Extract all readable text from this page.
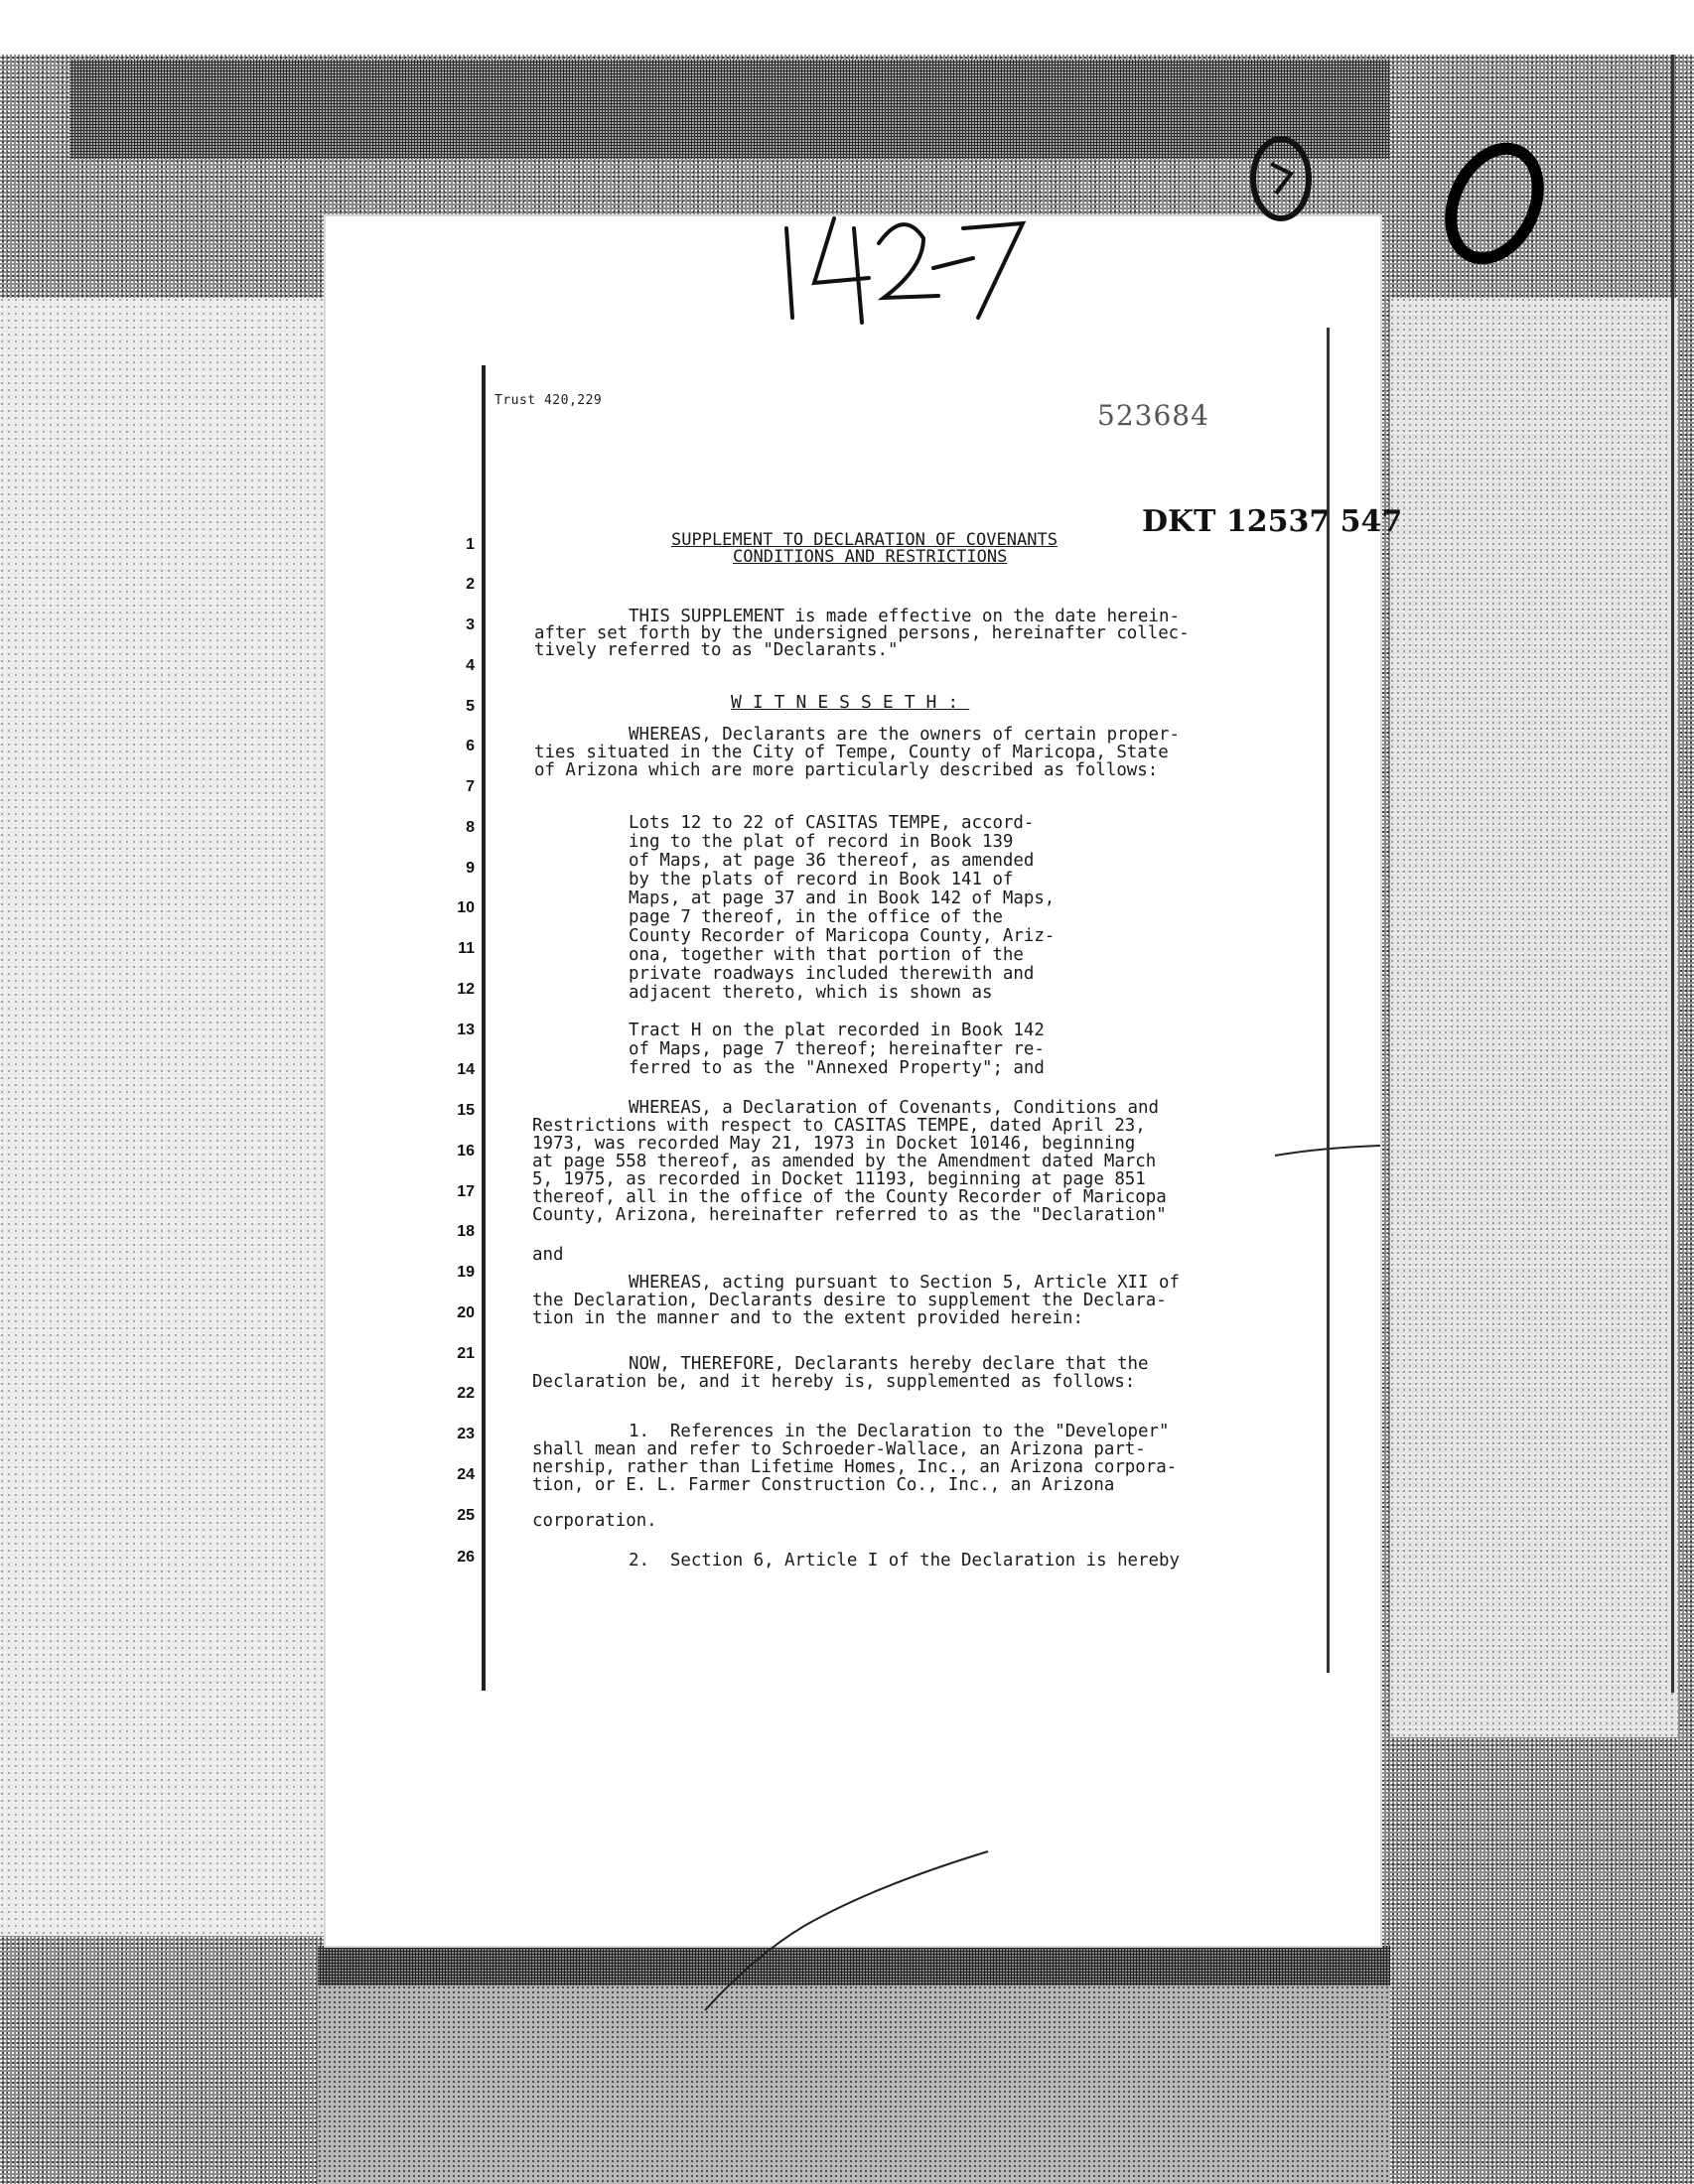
Trust 420,229	523684
DKT 12537 547
SUPPLEMENT TO DECLARATION OF COVENANTS
CONDITIONS AND RESTRICTIONS
WITNESSETH:
1
2
3
4
5
6
7
8
9
10
11
12
13
14
15
16
17
18
19
20
21
22
23
24
25
26
THIS SUPPLEMENT is made effective on the date herein-
after set forth by the undersigned persons, hereinafter collec-
tively referred to as "Declarants."
WHEREAS, Declarants are the owners of certain proper-
ties situated in the City of Tempe, County of Maricopa, State
of Arizona which are more particularly described as follows:
Lots 12 to 22 of CASITAS TEMPE, accord-
ing to the plat of record in Book 139
of Maps, at page 36 thereof, as amended
by the plats of record in Book 141 of
Maps, at page 37 and in Book 142 of Maps,
page 7 thereof, in the office of the
County Recorder of Maricopa County, Ariz-
ona, together with that portion of the
private roadways included therewith and
adjacent thereto, which is shown as
Tract H on the plat recorded in Book 142
of Maps, page 7 thereof; hereinafter re-
ferred to as the "Annexed Property"; and
WHEREAS, a Declaration of Covenants, Conditions and
Restrictions with respect to CASITAS TEMPE, dated April 23,
1973, was recorded May 21, 1973 in Docket 10146, beginning
at page 558 thereof, as amended by the Amendment dated March
5, 1975, as recorded in Docket 11193, beginning at page 851
thereof, all in the office of the County Recorder of Maricopa
County, Arizona, hereinafter referred to as the "Declaration"
and
WHEREAS, acting pursuant to Section 5, Article XII of
the Declaration, Declarants desire to supplement the Declara-
tion in the manner and to the extent provided herein:
NOW, THEREFORE, Declarants hereby declare that the
Declaration be, and it hereby is, supplemented as follows:
1.  References in the Declaration to the "Developer"
shall mean and refer to Schroeder-Wallace, an Arizona part-
nership, rather than Lifetime Homes, Inc., an Arizona corpora-
tion, or E. L. Farmer Construction Co., Inc., an Arizona
corporation.
2.  Section 6, Article I of the Declaration is hereby
